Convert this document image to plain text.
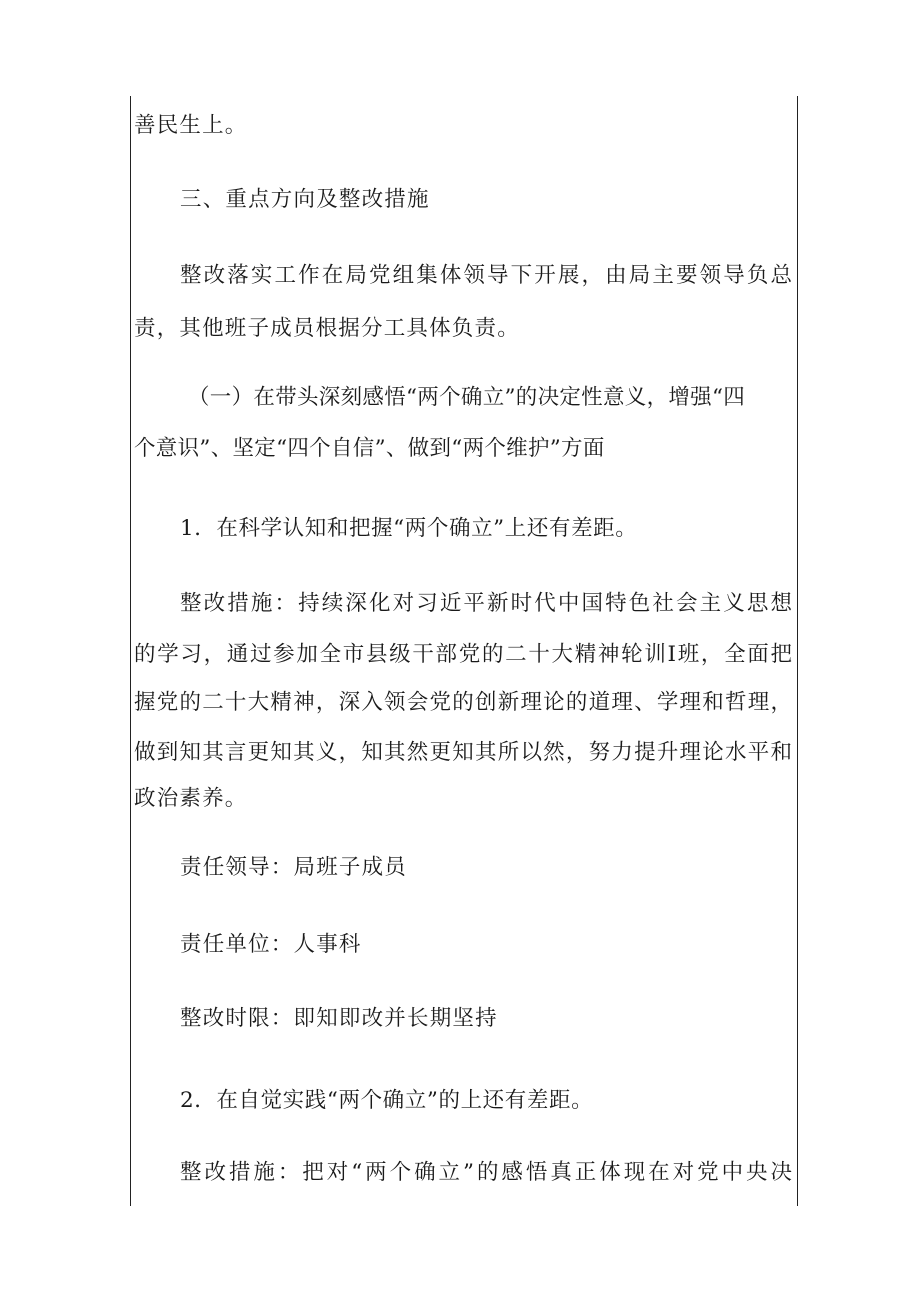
善民生上。
三、重点方向及整改措施
整改落实工作在局党组集体领导下开展，由局主要领导负总
责，其他班子成员根据分工具体负责。
（一）在带头深刻感悟“两个确立”的决定性意义，增强“四
个意识”、坚定“四个自信”、做到“两个维护”方面
1．在科学认知和把握“两个确立”上还有差距。
整改措施：持续深化对习近平新时代中国特色社会主义思想
的学习，通过参加全市县级干部党的二十大精神轮训I班，全面把
握党的二十大精神，深入领会党的创新理论的道理、学理和哲理，
做到知其言更知其义，知其然更知其所以然，努力提升理论水平和
政治素养。
责任领导：局班子成员
责任单位：人事科
整改时限：即知即改并长期坚持
2．在自觉实践“两个确立”的上还有差距。
整改措施：把对“两个确立”的感悟真正体现在对党中央决
